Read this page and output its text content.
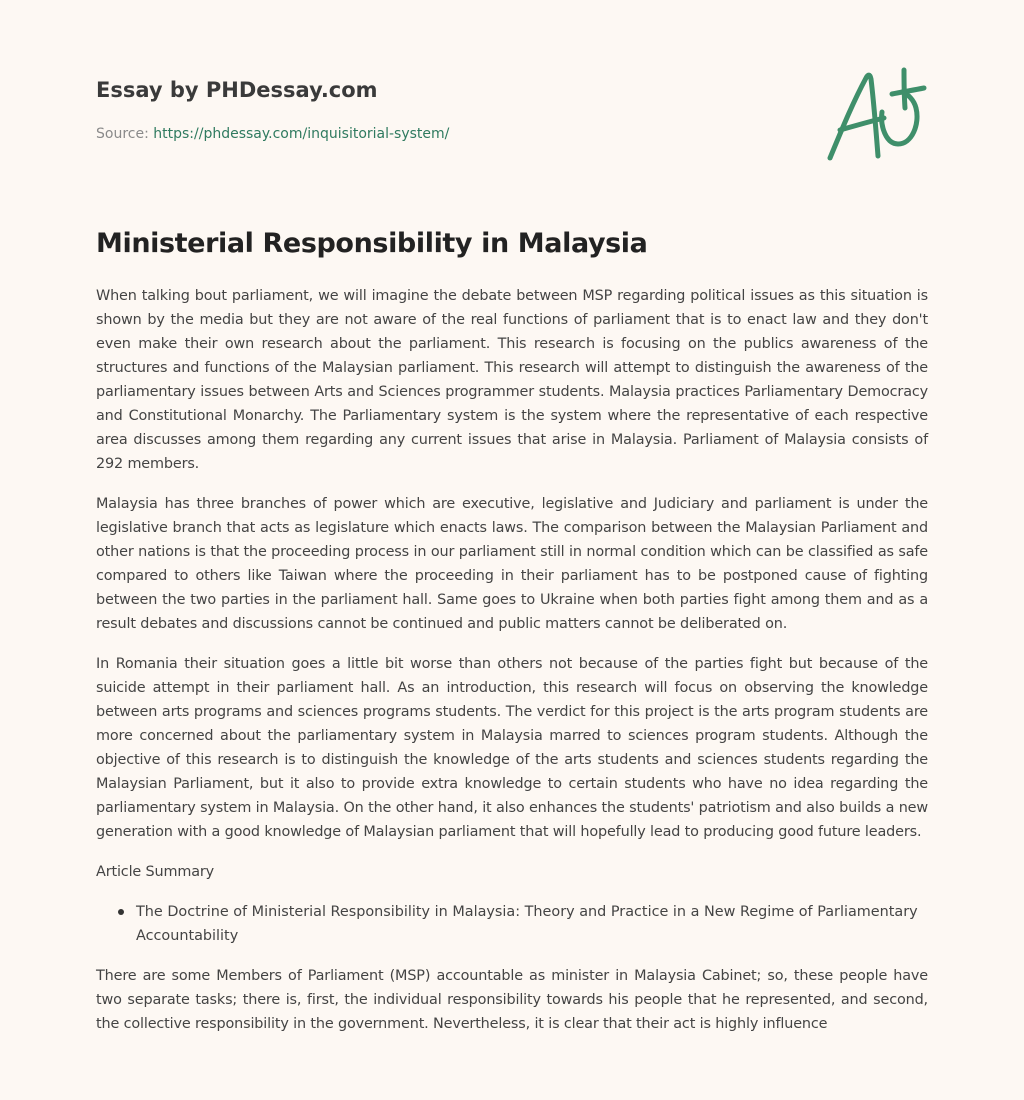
Essay by PHDessay.com
Source: https://phdessay.com/inquisitorial-system/
Ministerial Responsibility in Malaysia

When talking bout parliament, we will imagine the debate between MSP regarding political issues as this situation is shown by the media but they are not aware of the real functions of parliament that is to enact law and they don't even make their own research about the parliament. This research is focusing on the publics awareness of the structures and functions of the Malaysian parliament. This research will attempt to distinguish the awareness of the parliamentary issues between Arts and Sciences programmer students. Malaysia practices Parliamentary Democracy and Constitutional Monarchy. The Parliamentary system is the system where the representative of each respective area discusses among them regarding any current issues that arise in Malaysia. Parliament of Malaysia consists of 292 members.

Malaysia has three branches of power which are executive, legislative and Judiciary and parliament is under the legislative branch that acts as legislature which enacts laws. The comparison between the Malaysian Parliament and other nations is that the proceeding process in our parliament still in normal condition which can be classified as safe compared to others like Taiwan where the proceeding in their parliament has to be postponed cause of fighting between the two parties in the parliament hall. Same goes to Ukraine when both parties fight among them and as a result debates and discussions cannot be continued and public matters cannot be deliberated on.

In Romania their situation goes a little bit worse than others not because of the parties fight but because of the suicide attempt in their parliament hall. As an introduction, this research will focus on observing the knowledge between arts programs and sciences programs students. The verdict for this project is the arts program students are more concerned about the parliamentary system in Malaysia marred to sciences program students. Although the objective of this research is to distinguish the knowledge of the arts students and sciences students regarding the Malaysian Parliament, but it also to provide extra knowledge to certain students who have no idea regarding the parliamentary system in Malaysia. On the other hand, it also enhances the students' patriotism and also builds a new generation with a good knowledge of Malaysian parliament that will hopefully lead to producing good future leaders.

Article Summary

The Doctrine of Ministerial Responsibility in Malaysia: Theory and Practice in a New Regime of Parliamentary Accountability

There are some Members of Parliament (MSP) accountable as minister in Malaysia Cabinet; so, these people have two separate tasks; there is, first, the individual responsibility towards his people that he represented, and second, the collective responsibility in the government. Nevertheless, it is clear that their act is highly influence
